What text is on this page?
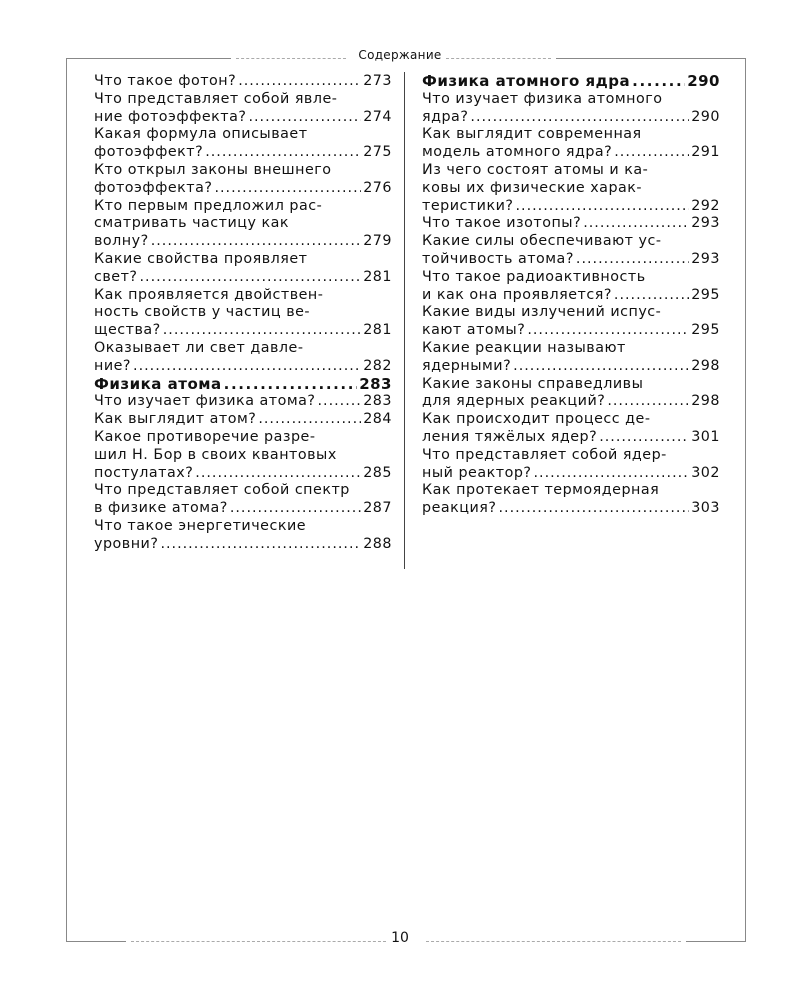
Содержание
Что такое фотон? .....	273
Что представляет собой явле-
ние фотоэффекта? .....	274
Какая формула описывает
фотоэффект? .....	275
Кто открыл законы внешнего
фотоэффекта? .....	276
Кто первым предложил рас-
сматривать частицу как
волну? .....	279
Какие свойства проявляет
свет? .....	281
Как проявляется двойствен-
ность свойств у частиц ве-
щества? .....	281
Оказывает ли свет давле-
ние? .....	282
Физика атома .....	283
Что изучает физика атома? .....	283
Как выглядит атом? .....	284
Какое противоречие разре-
шил Н. Бор в своих квантовых
постулатах? .....	285
Что представляет собой спектр
в физике атома? .....	287
Что такое энергетические
уровни? .....	288
Физика атомного ядра .....	290
Что изучает физика атомного
ядра? .....	290
Как выглядит современная
модель атомного ядра? .....	291
Из чего состоят атомы и ка-
ковы их физические харак-
теристики? .....	292
Что такое изотопы? .....	293
Какие силы обеспечивают ус-
тойчивость атома? .....	293
Что такое радиоактивность
и как она проявляется? .....	295
Какие виды излучений испус-
кают атомы? .....	295
Какие реакции называют
ядерными? .....	298
Какие законы справедливы
для ядерных реакций? .....	298
Как происходит процесс де-
ления тяжёлых ядер? .....	301
Что представляет собой ядер-
ный реактор? .....	302
Как протекает термоядерная
реакция? .....	303
10
